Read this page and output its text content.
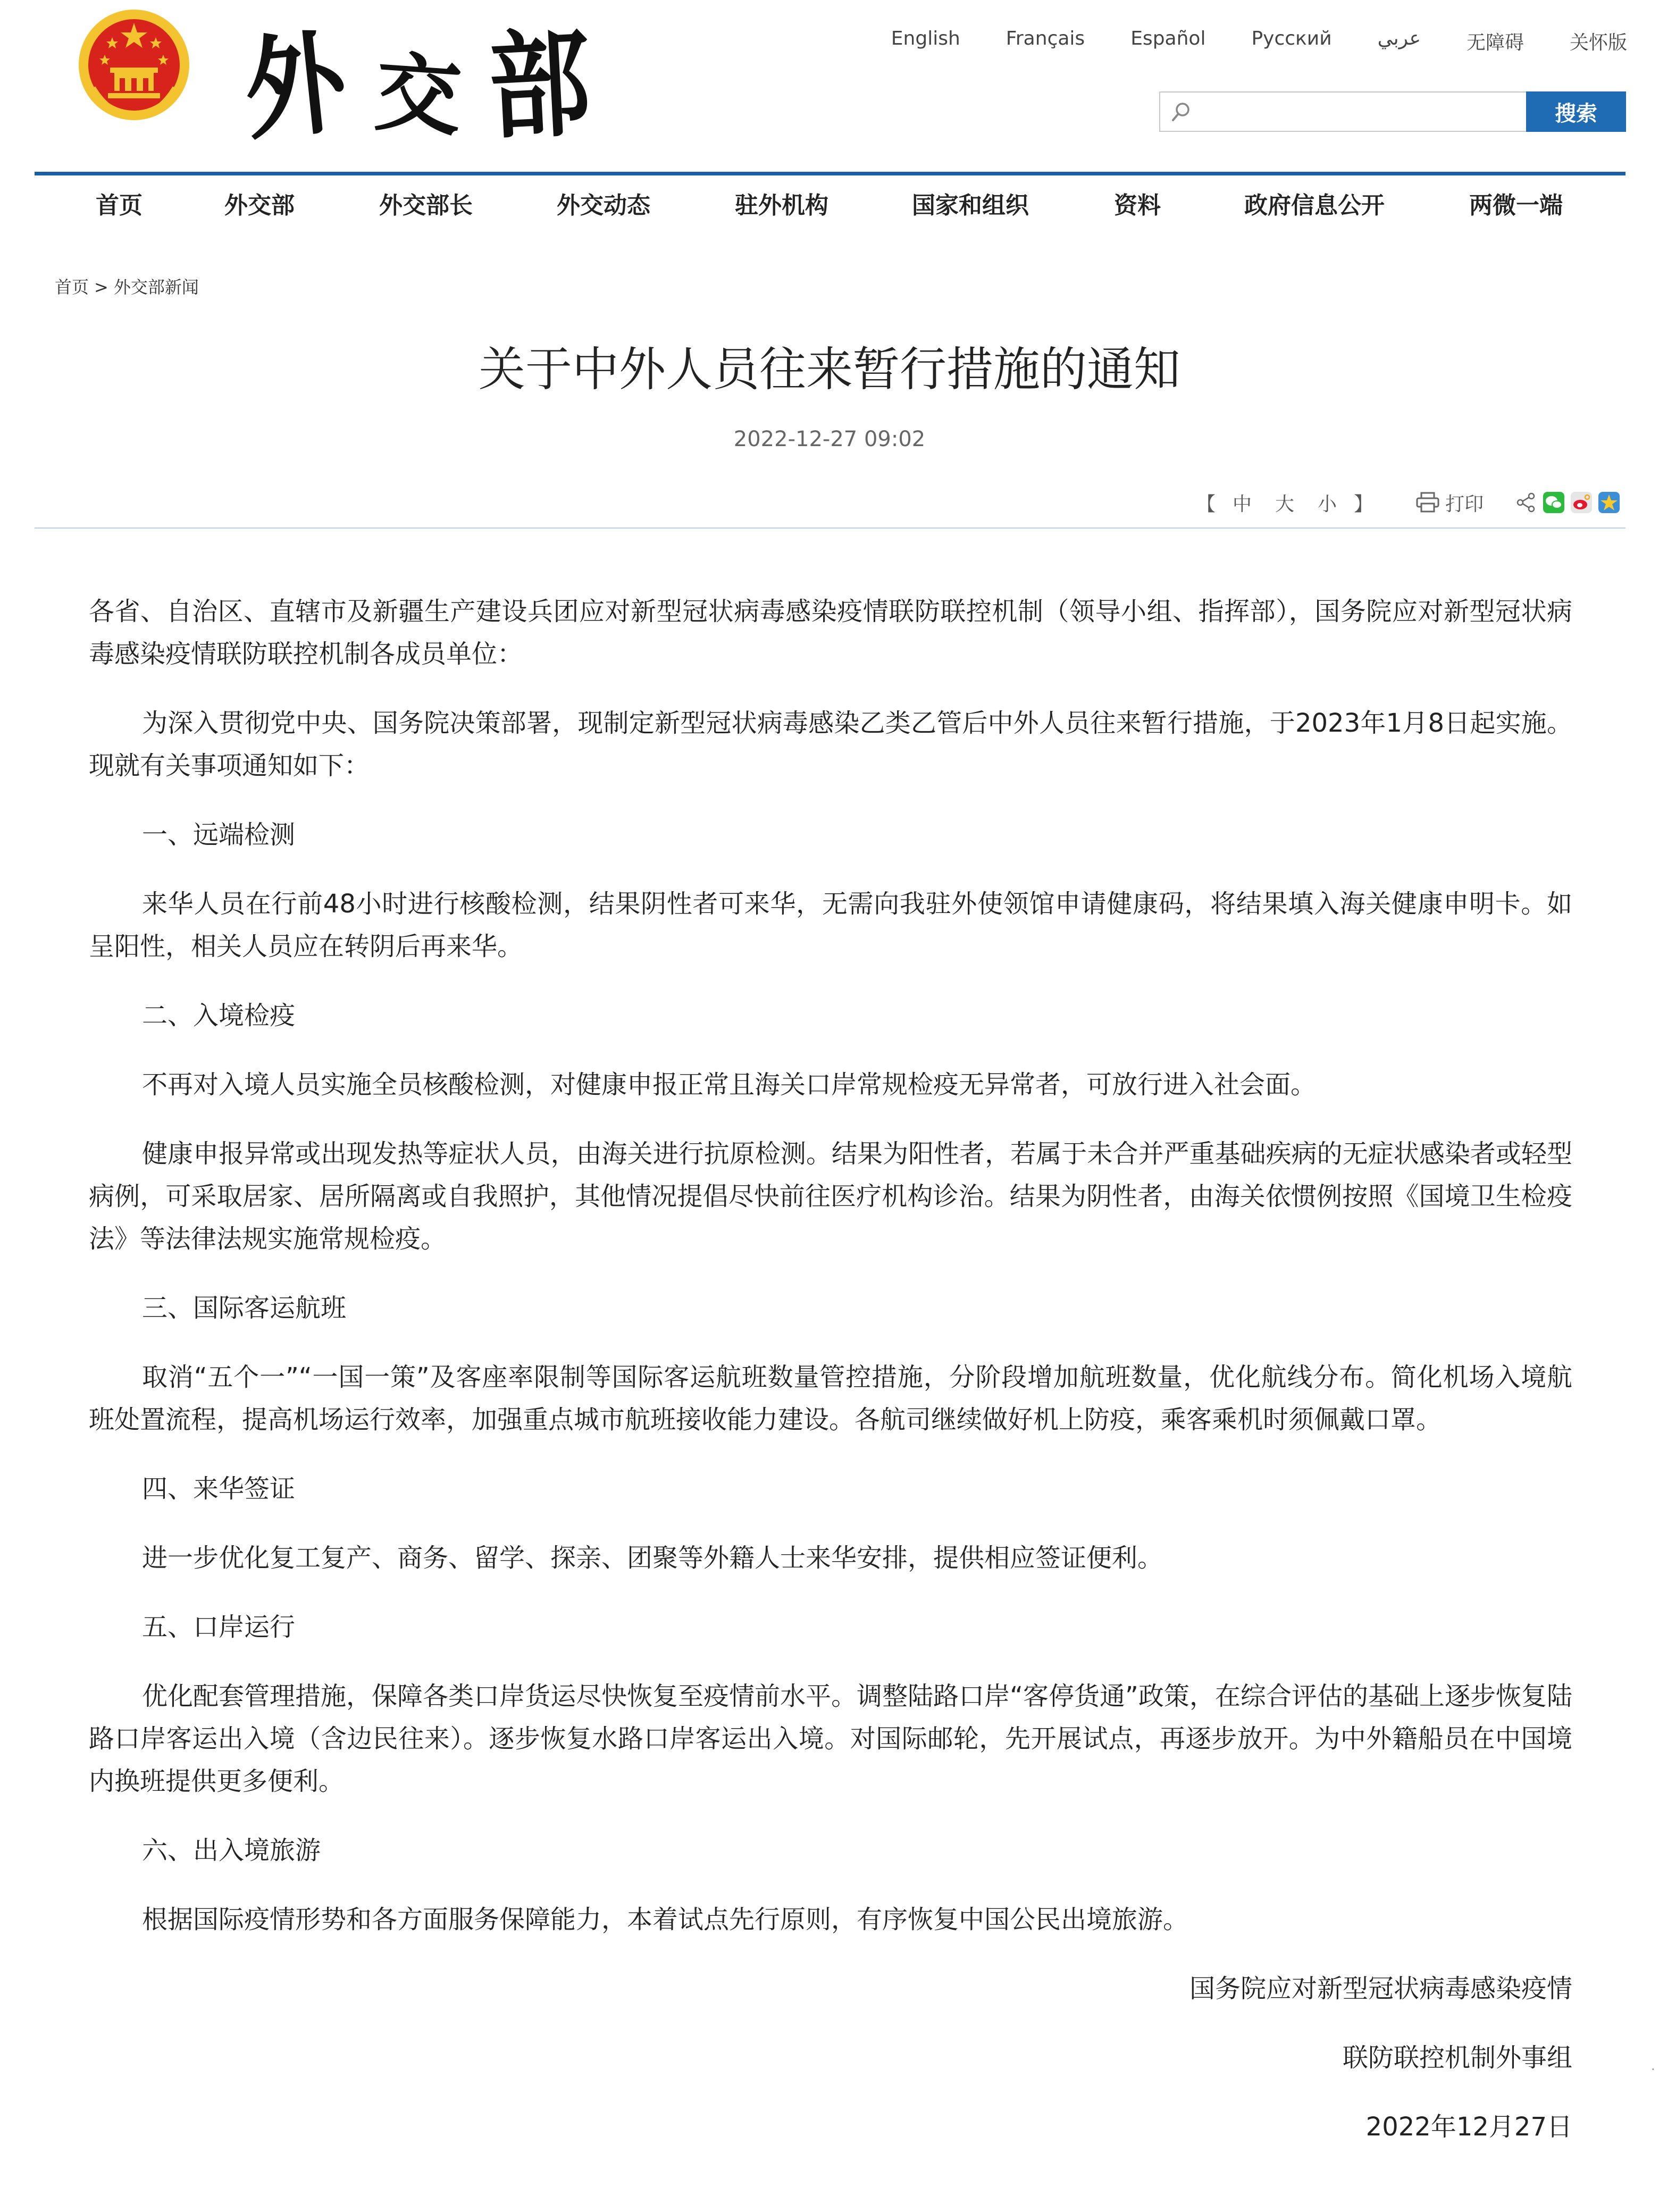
外交部	English Français Español Русский عربي 无障碍 关怀版
搜索
首页	外交部	外交部长	外交动态	驻外机构	国家和组织	资料	政府信息公开	两微一端
首页 > 外交部新闻
关于中外人员往来暂行措施的通知
2022-12-27 09:02
【 中 大 小 】	打印

各省、自治区、直辖市及新疆生产建设兵团应对新型冠状病毒感染疫情联防联控机制（领导小组、指挥部），国务院应对新型冠状病毒感染疫情联防联控机制各成员单位：

为深入贯彻党中央、国务院决策部署，现制定新型冠状病毒感染乙类乙管后中外人员往来暂行措施，于2023年1月8日起实施。现就有关事项通知如下：

一、远端检测

来华人员在行前48小时进行核酸检测，结果阴性者可来华，无需向我驻外使领馆申请健康码，将结果填入海关健康申明卡。如呈阳性，相关人员应在转阴后再来华。

二、入境检疫

不再对入境人员实施全员核酸检测，对健康申报正常且海关口岸常规检疫无异常者，可放行进入社会面。

健康申报异常或出现发热等症状人员，由海关进行抗原检测。结果为阳性者，若属于未合并严重基础疾病的无症状感染者或轻型病例，可采取居家、居所隔离或自我照护，其他情况提倡尽快前往医疗机构诊治。结果为阴性者，由海关依惯例按照《国境卫生检疫法》等法律法规实施常规检疫。

三、国际客运航班

取消“五个一”“一国一策”及客座率限制等国际客运航班数量管控措施，分阶段增加航班数量，优化航线分布。简化机场入境航班处置流程，提高机场运行效率，加强重点城市航班接收能力建设。各航司继续做好机上防疫，乘客乘机时须佩戴口罩。

四、来华签证

进一步优化复工复产、商务、留学、探亲、团聚等外籍人士来华安排，提供相应签证便利。

五、口岸运行

优化配套管理措施，保障各类口岸货运尽快恢复至疫情前水平。调整陆路口岸“客停货通”政策，在综合评估的基础上逐步恢复陆路口岸客运出入境（含边民往来）。逐步恢复水路口岸客运出入境。对国际邮轮，先开展试点，再逐步放开。为中外籍船员在中国境内换班提供更多便利。

六、出入境旅游

根据国际疫情形势和各方面服务保障能力，本着试点先行原则，有序恢复中国公民出境旅游。

国务院应对新型冠状病毒感染疫情

联防联控机制外事组

2022年12月27日

·
